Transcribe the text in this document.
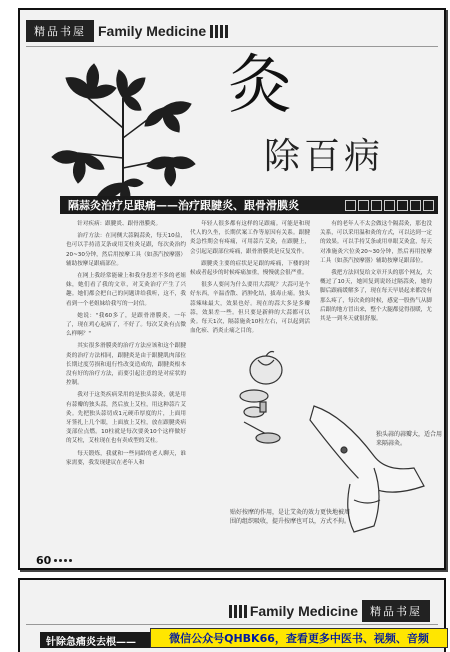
精品书屋 Family Medicine
灸
除百病
隔蒜灸治疗足跟痛——治疗跟腱炎、跟骨滑膜炎

针对疾病：跟腱炎、跟骨滑膜炎。

治疗方法：在同侧大蒜隔蒜灸，每天10益，也可以手持清艾条或用艾柱灸足跟，每次灸治约20~30分钟，然后用按摩工具（如蒸汽按摩器）辅助按摩足跟痛部位。

在网上我经常能碰上和我身患差不多的老姐妹，她们看了我的文章，对艾灸治疗产生了兴趣。她们都会把自己的问题讲给我听，这不，我看到一个老姐妹给我写的一封信。

她说："我60多了，是跟骨滑膜炎，一年了，现在鸡心起病了，不好了。每次艾灸有点微么样啊？"

其实很多滑膜炎的治疗方法应该和这个跟腱炎的治疗方法相同，跟腱炎是由于跟腱肌肉部位长期过度劳损和退行性改变造成的，跟腱炎根本没有好的治疗方法，而要引起注意的是对症状的控制。

我对于这类疾病采用的是独头蒜灸，就是用有蒜瓣的独头蒜，然后放上艾柱，用这种蒜片艾灸。先把独头蒜切成1元硬币厚度的片，上面用牙签扎上几个眼，上面放上艾柱，放在跟腱炎病变部位点燃。10柱就是每次要灸10个这样做好的艾柱，艾柱现在也有卖成型的艾柱。

每天锻炼，我就和一些同龄的老人聊天，谁家需要，我发现建议在老年人和

年轻人很多都有这样的足跟痛。可能是和现代人的久坐，长期伏案工作等原因有关系。跟腱炎急性期会有疼痛，可用蒜片艾灸，在跟腱上，会引起足跟部位疼痛，跟骨滑膜炎是反复发作。

跟腱炎主要的症状是足跟的疼痛，下楼的时候或者起步的时候疼痛加重，慢慢就会很严重。

很多人要问为什么要用大蒜呢？大蒜可是个好东西，辛温香散、消肿化结，拔毒止痛。独头蒜辣味最大，效果也好。现在的蒜大多是多瓣蒜，效果差一些。但只要是新鲜的大蒜都可以灸。每天1次，隔蒜施灸10柱左右，可以起到活血化瘀、消炎止痛之目的。

有的老年人不太会做这个隔蒜灸，那也没关系，可以采用温和灸的方式，可以达到一定的效果。可以手持艾条或用单眼艾灸盒，每天对准施灸穴位灸20~30分钟，然后再用按摩工具（如蒸汽按摩器）辅助按摩足跟部位。

我把方法回复给文章开头的那个网友，大概过了10天，她回复到说经过隔蒜灸，她的脚后跟痛缓解多了，现在每天早晨起来都没有那么疼了，每次灸的时候，感觉一股热气从脚后跟的地方冒出来，整个大腿都觉得很暖，尤其是一到冬天就很舒服。

独头蒜的蒜瓣大，适合用来隔蒜灸。
贴好按摩的作用，是让艾灸的效力更快地被周围的组织吸收，提升按摩也可以，方式不拘。
60
Family Medicine	精品书屋
针除急痛炎去根——	微信公众号QHBK66，查看更多中医书、视频、音频
